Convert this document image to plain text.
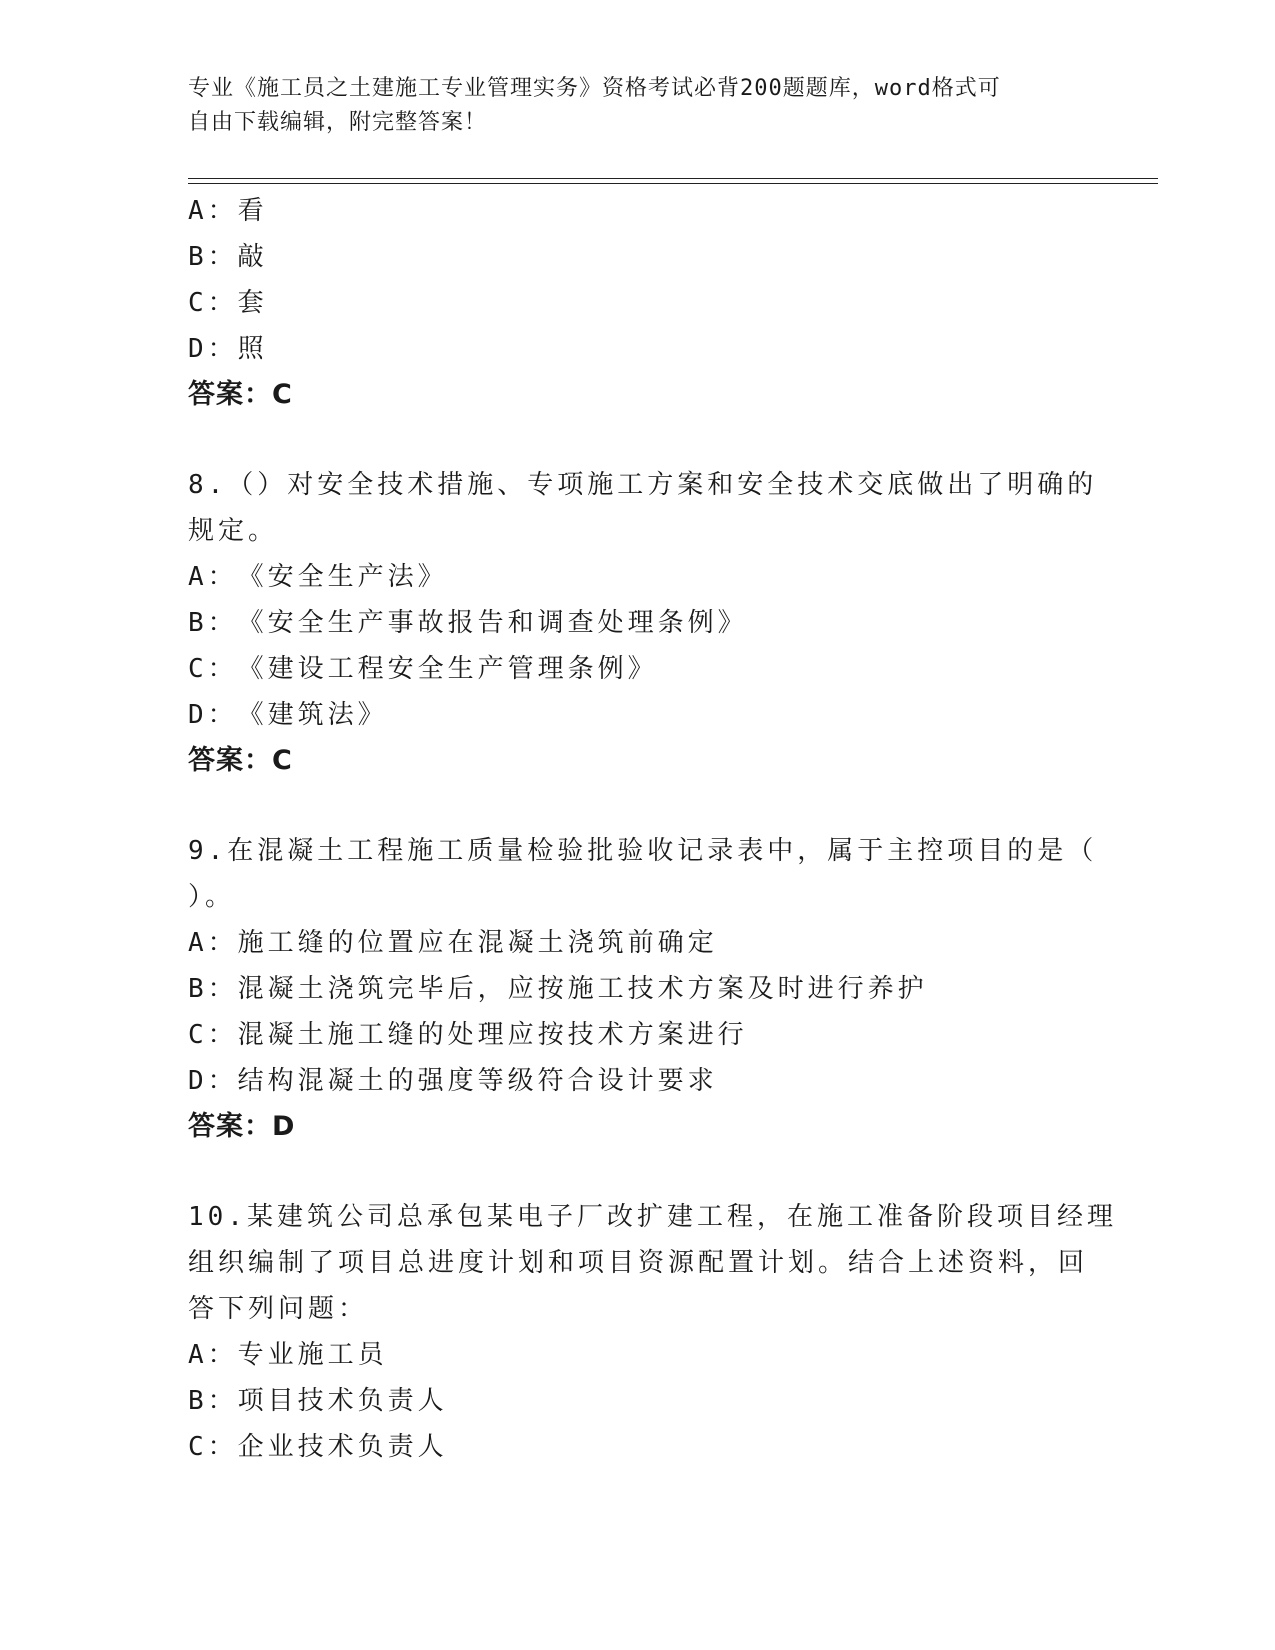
专业《施工员之土建施工专业管理实务》资格考试必背200题题库，word格式可
自由下载编辑，附完整答案！
A：看
B：敲
C：套
D：照
答案：C
8.（）对安全技术措施、专项施工方案和安全技术交底做出了明确的
规定。
A：《安全生产法》
B：《安全生产事故报告和调查处理条例》
C：《建设工程安全生产管理条例》
D：《建筑法》
答案：C
9.在混凝土工程施工质量检验批验收记录表中，属于主控项目的是（
）。
A：施工缝的位置应在混凝土浇筑前确定
B：混凝土浇筑完毕后，应按施工技术方案及时进行养护
C：混凝土施工缝的处理应按技术方案进行
D：结构混凝土的强度等级符合设计要求
答案：D
10.某建筑公司总承包某电子厂改扩建工程，在施工准备阶段项目经理
组织编制了项目总进度计划和项目资源配置计划。结合上述资料，回
答下列问题：
A：专业施工员
B：项目技术负责人
C：企业技术负责人
